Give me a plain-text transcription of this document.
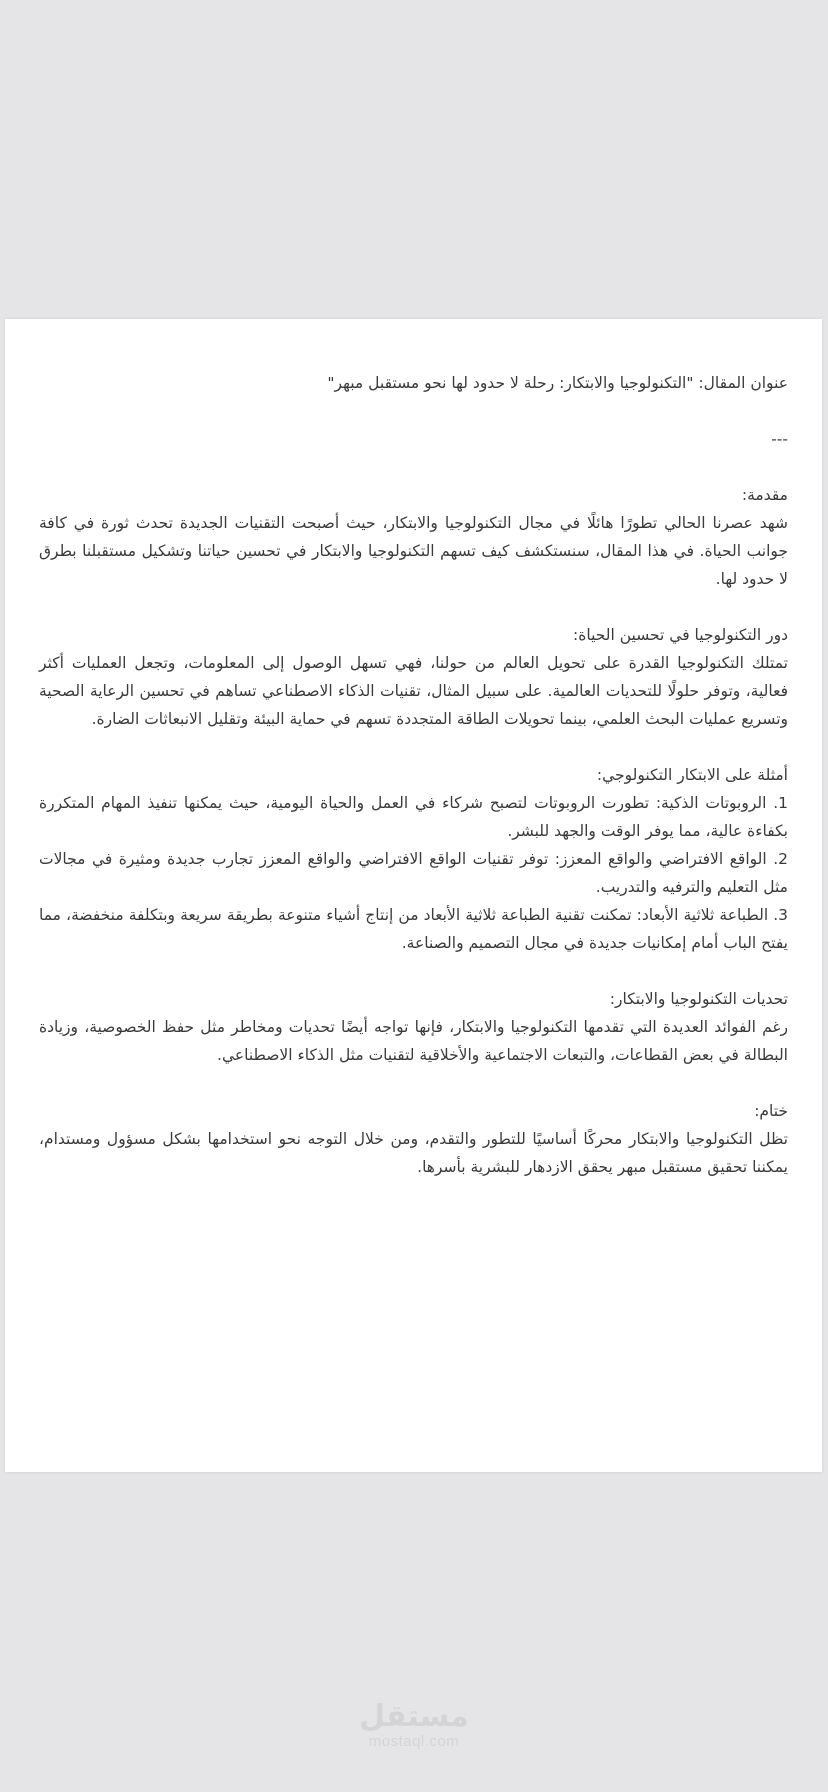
عنوان المقال: "التكنولوجيا والابتكار: رحلة لا حدود لها نحو مستقبل مبهر"

---

مقدمة:

شهد عصرنا الحالي تطورًا هائلًا في مجال التكنولوجيا والابتكار، حيث أصبحت التقنيات الجديدة تحدث ثورة في كافة جوانب الحياة. في هذا المقال، سنستكشف كيف تسهم التكنولوجيا والابتكار في تحسين حياتنا وتشكيل مستقبلنا بطرق لا حدود لها.

دور التكنولوجيا في تحسين الحياة:

تمتلك التكنولوجيا القدرة على تحويل العالم من حولنا، فهي تسهل الوصول إلى المعلومات، وتجعل العمليات أكثر فعالية، وتوفر حلولًا للتحديات العالمية. على سبيل المثال، تقنيات الذكاء الاصطناعي تساهم في تحسين الرعاية الصحية وتسريع عمليات البحث العلمي، بينما تحويلات الطاقة المتجددة تسهم في حماية البيئة وتقليل الانبعاثات الضارة.

أمثلة على الابتكار التكنولوجي:

1. الروبوتات الذكية: تطورت الروبوتات لتصبح شركاء في العمل والحياة اليومية، حيث يمكنها تنفيذ المهام المتكررة بكفاءة عالية، مما يوفر الوقت والجهد للبشر.

2. الواقع الافتراضي والواقع المعزز: توفر تقنيات الواقع الافتراضي والواقع المعزز تجارب جديدة ومثيرة في مجالات مثل التعليم والترفيه والتدريب.

3. الطباعة ثلاثية الأبعاد: تمكنت تقنية الطباعة ثلاثية الأبعاد من إنتاج أشياء متنوعة بطريقة سريعة وبتكلفة منخفضة، مما يفتح الباب أمام إمكانيات جديدة في مجال التصميم والصناعة.

تحديات التكنولوجيا والابتكار:

رغم الفوائد العديدة التي تقدمها التكنولوجيا والابتكار، فإنها تواجه أيضًا تحديات ومخاطر مثل حفظ الخصوصية، وزيادة البطالة في بعض القطاعات، والتبعات الاجتماعية والأخلاقية لتقنيات مثل الذكاء الاصطناعي.

ختام:

تظل التكنولوجيا والابتكار محركًا أساسيًا للتطور والتقدم، ومن خلال التوجه نحو استخدامها بشكل مسؤول ومستدام، يمكننا تحقيق مستقبل مبهر يحقق الازدهار للبشرية بأسرها.

مستقل
mostaql.com
